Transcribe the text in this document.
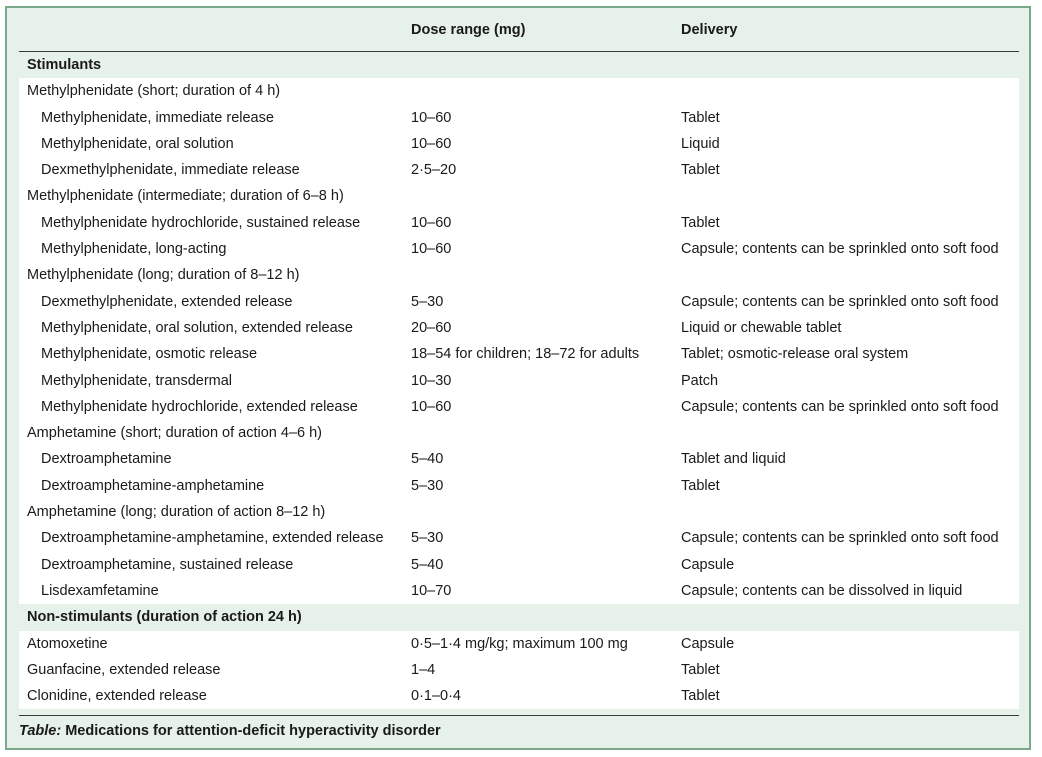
Dose range (mg)	Delivery
Stimulants
Methylphenidate (short; duration of 4 h)
Methylphenidate, immediate release	10–60	Tablet
Methylphenidate, oral solution	10–60	Liquid
Dexmethylphenidate, immediate release	2·5–20	Tablet
Methylphenidate (intermediate; duration of 6–8 h)
Methylphenidate hydrochloride, sustained release	10–60	Tablet
Methylphenidate, long-acting	10–60	Capsule; contents can be sprinkled onto soft food
Methylphenidate (long; duration of 8–12 h)
Dexmethylphenidate, extended release	5–30	Capsule; contents can be sprinkled onto soft food
Methylphenidate, oral solution, extended release	20–60	Liquid or chewable tablet
Methylphenidate, osmotic release	18–54 for children; 18–72 for adults	Tablet; osmotic-release oral system
Methylphenidate, transdermal	10–30	Patch
Methylphenidate hydrochloride, extended release	10–60	Capsule; contents can be sprinkled onto soft food
Amphetamine (short; duration of action 4–6 h)
Dextroamphetamine	5–40	Tablet and liquid
Dextroamphetamine-amphetamine	5–30	Tablet
Amphetamine (long; duration of action 8–12 h)
Dextroamphetamine-amphetamine, extended release 5–30	Capsule; contents can be sprinkled onto soft food
Dextroamphetamine, sustained release	5–40	Capsule
Lisdexamfetamine	10–70	Capsule; contents can be dissolved in liquid
Non-stimulants (duration of action 24 h)
Atomoxetine	0·5–1·4 mg/kg; maximum 100 mg	Capsule
Guanfacine, extended release	1–4	Tablet
Clonidine, extended release	0·1–0·4	Tablet
Table: Medications for attention-deficit hyperactivity disorder
